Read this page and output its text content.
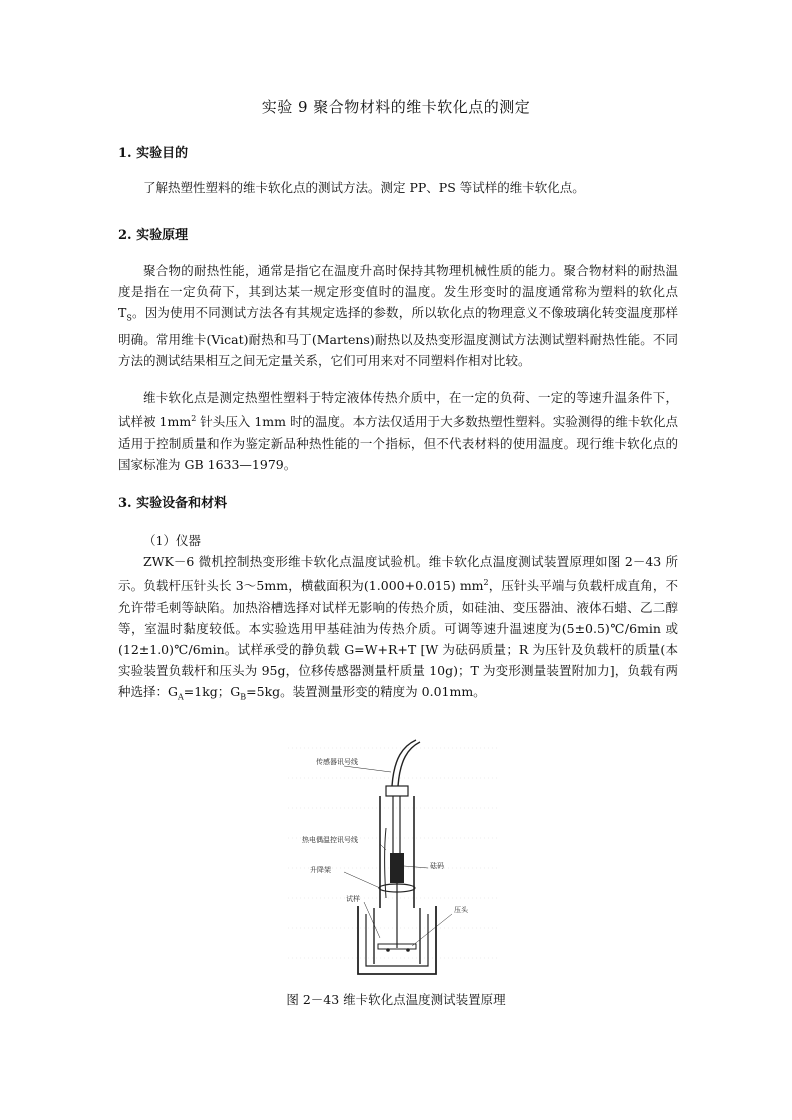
实验 9 聚合物材料的维卡软化点的测定
1. 实验目的
了解热塑性塑料的维卡软化点的测试方法。测定 PP、PS 等试样的维卡软化点。
2. 实验原理
聚合物的耐热性能，通常是指它在温度升高时保持其物理机械性质的能力。聚合物材料的耐热温度是指在一定负荷下，其到达某一规定形变值时的温度。发生形变时的温度通常称为塑料的软化点 $T_S$。因为使用不同测试方法各有其规定选择的参数，所以软化点的物理意义不像玻璃化转变温度那样明确。常用维卡(Vicat)耐热和马丁(Martens)耐热以及热变形温度测试方法测试塑料耐热性能。不同方法的测试结果相互之间无定量关系，它们可用来对不同塑料作相对比较。
维卡软化点是测定热塑性塑料于特定液体传热介质中，在一定的负荷、一定的等速升温条件下，试样被 $1mm^2$ 针头压入 1mm 时的温度。本方法仅适用于大多数热塑性塑料。实验测得的维卡软化点适用于控制质量和作为鉴定新品种热性能的一个指标，但不代表材料的使用温度。现行维卡软化点的国家标准为 GB 1633—1979。
3. 实验设备和材料
（1）仪器
ZWK－6 微机控制热变形维卡软化点温度试验机。维卡软化点温度测试装置原理如图 2－43 所示。负载杆压针头长 3～5mm，横截面积为(1.000+0.015) $mm^2$，压针头平端与负载杆成直角，不允许带毛刺等缺陷。加热浴槽选择对试样无影响的传热介质，如硅油、变压器油、液体石蜡、乙二醇等，室温时黏度较低。本实验选用甲基硅油为传热介质。可调等速升温速度为(5±0.5)℃/6min 或(12±1.0)℃/6min。试样承受的静负载 G=W+R+T [W 为砝码质量；R 为压针及负载杆的质量(本实验装置负载杆和压头为 95g，位移传感器测量杆质量 10g)；T 为变形测量装置附加力]，负载有两种选择：$G_A=1kg$；$G_B=5kg$。装置测量形变的精度为 0.01mm。
传感器讯号线
热电偶温控讯号线
升降架	砝码
试样
压头
图 2－43 维卡软化点温度测试装置原理
